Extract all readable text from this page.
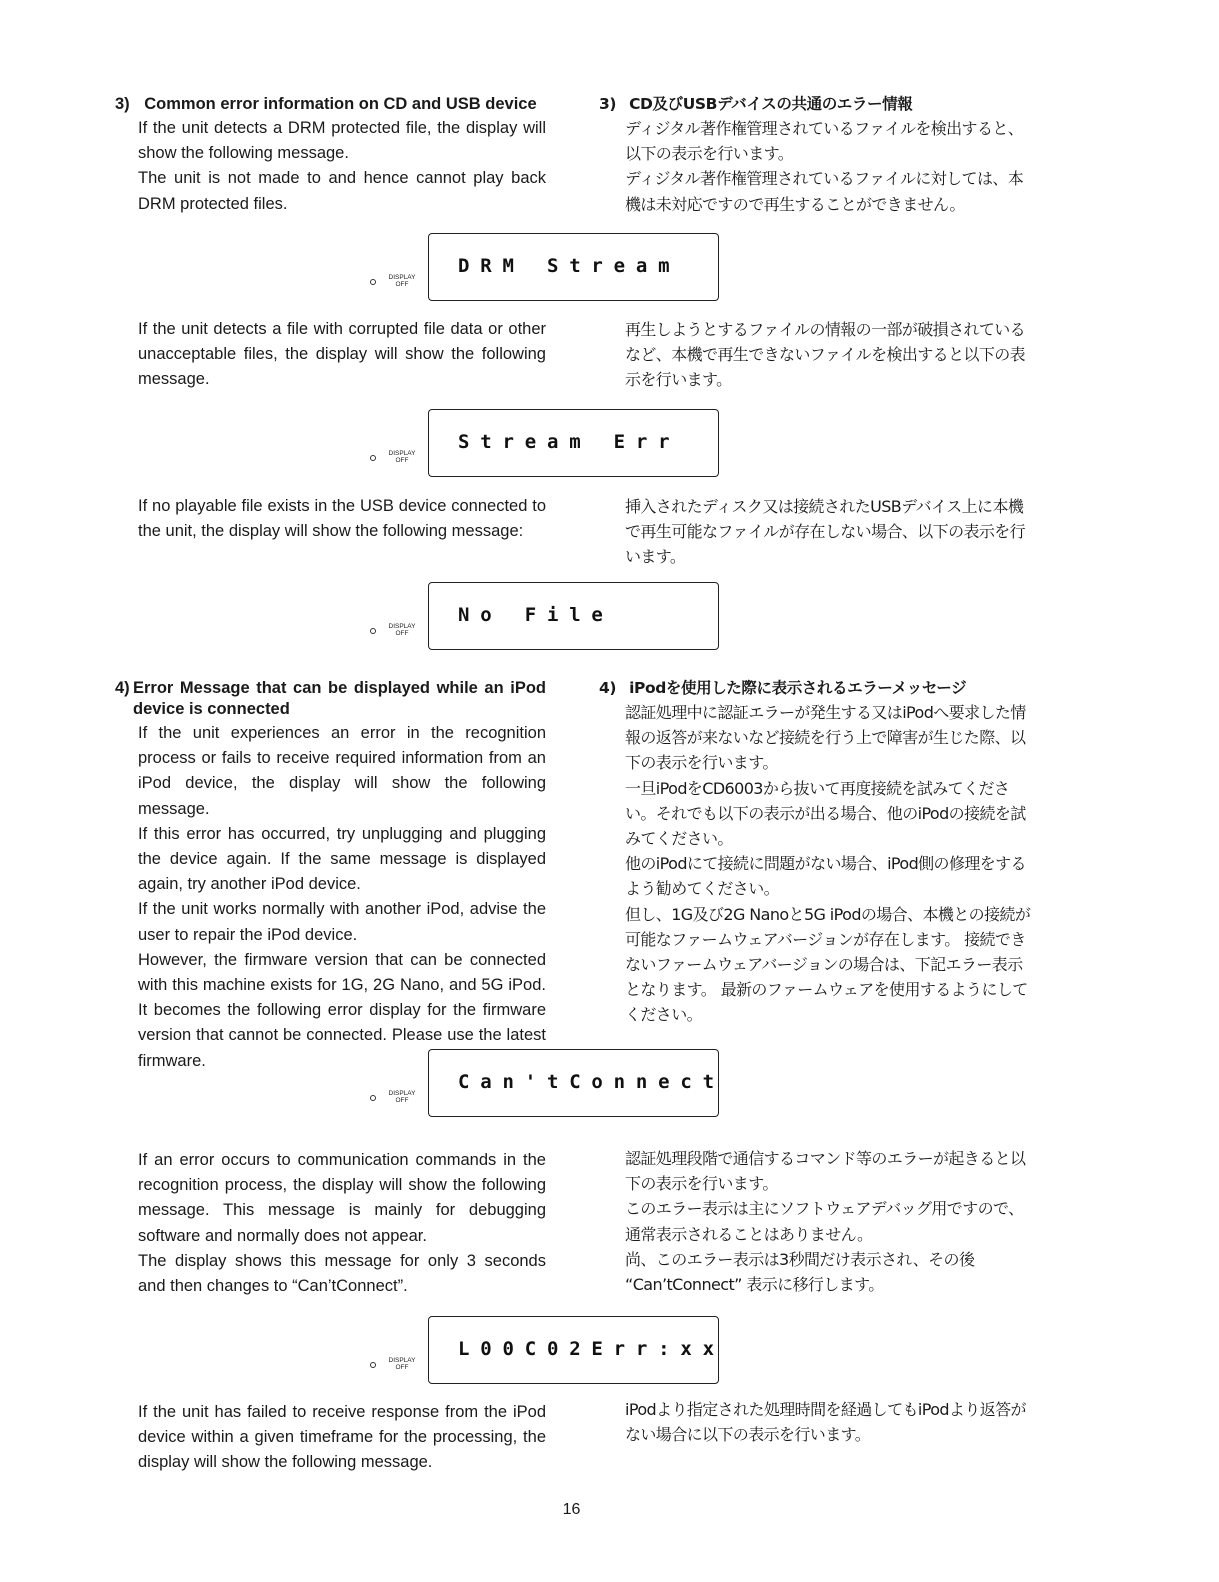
3) Common error information on CD and USB device	3) CD及びUSBデバイスの共通のエラー情報

If the unit detects a DRM protected file, the display will show the following message.

The unit is not made to and hence cannot play back DRM protected files.

ディジタル著作権管理されているファイルを検出すると、以下の表示を行います。

ディジタル著作権管理されているファイルに対しては、本機は未対応ですので再生することができません。

DISPLAY
OFF
DRM Stream

If the unit detects a file with corrupted file data or other unacceptable files, the display will show the following message.

再生しようとするファイルの情報の一部が破損されているなど、本機で再生できないファイルを検出すると以下の表示を行います。

DISPLAY
OFF
Stream Err

If no playable file exists in the USB device connected to the unit, the display will show the following message:

挿入されたディスク又は接続されたUSBデバイス上に本機で再生可能なファイルが存在しない場合、以下の表示を行います。

DISPLAY
OFF
No File
4) Error Message that can be displayed while an iPod device is connected
4) iPodを使用した際に表示されるエラーメッセージ

If the unit experiences an error in the recognition process or fails to receive required information from an iPod device, the display will show the following message.

If this error has occurred, try unplugging and plugging the device again. If the same message is displayed again, try another iPod device.

If the unit works normally with another iPod, advise the user to repair the iPod device.

However, the firmware version that can be connected with this machine exists for 1G, 2G Nano, and 5G iPod. It becomes the following error display for the firmware version that cannot be connected. Please use the latest firmware.

認証処理中に認証エラーが発生する又はiPodへ要求した情報の返答が来ないなど接続を行う上で障害が生じた際、以下の表示を行います。

一旦iPodをCD6003から抜いて再度接続を試みてください。それでも以下の表示が出る場合、他のiPodの接続を試みてください。

他のiPodにて接続に問題がない場合、iPod側の修理をするよう勧めてください。

但し、1G及び2G Nanoと5G iPodの場合、本機との接続が可能なファームウェアバージョンが存在します。 接続できないファームウェアバージョンの場合は、下記エラー表示となります。 最新のファームウェアを使用するようにしてください。

DISPLAY
OFF
Can'tConnect

If an error occurs to communication commands in the recognition process, the display will show the following message. This message is mainly for debugging software and normally does not appear.

The display shows this message for only 3 seconds and then changes to “Can’tConnect”.

認証処理段階で通信するコマンド等のエラーが起きると以下の表示を行います。

このエラー表示は主にソフトウェアデバッグ用ですので、通常表示されることはありません。

尚、このエラー表示は3秒間だけ表示され、その後 “Can’tConnect” 表示に移行します。

DISPLAY
OFF
L00C02Err:xx

If the unit has failed to receive response from the iPod device within a given timeframe for the processing, the display will show the following message.

iPodより指定された処理時間を経過してもiPodより返答がない場合に以下の表示を行います。

16
